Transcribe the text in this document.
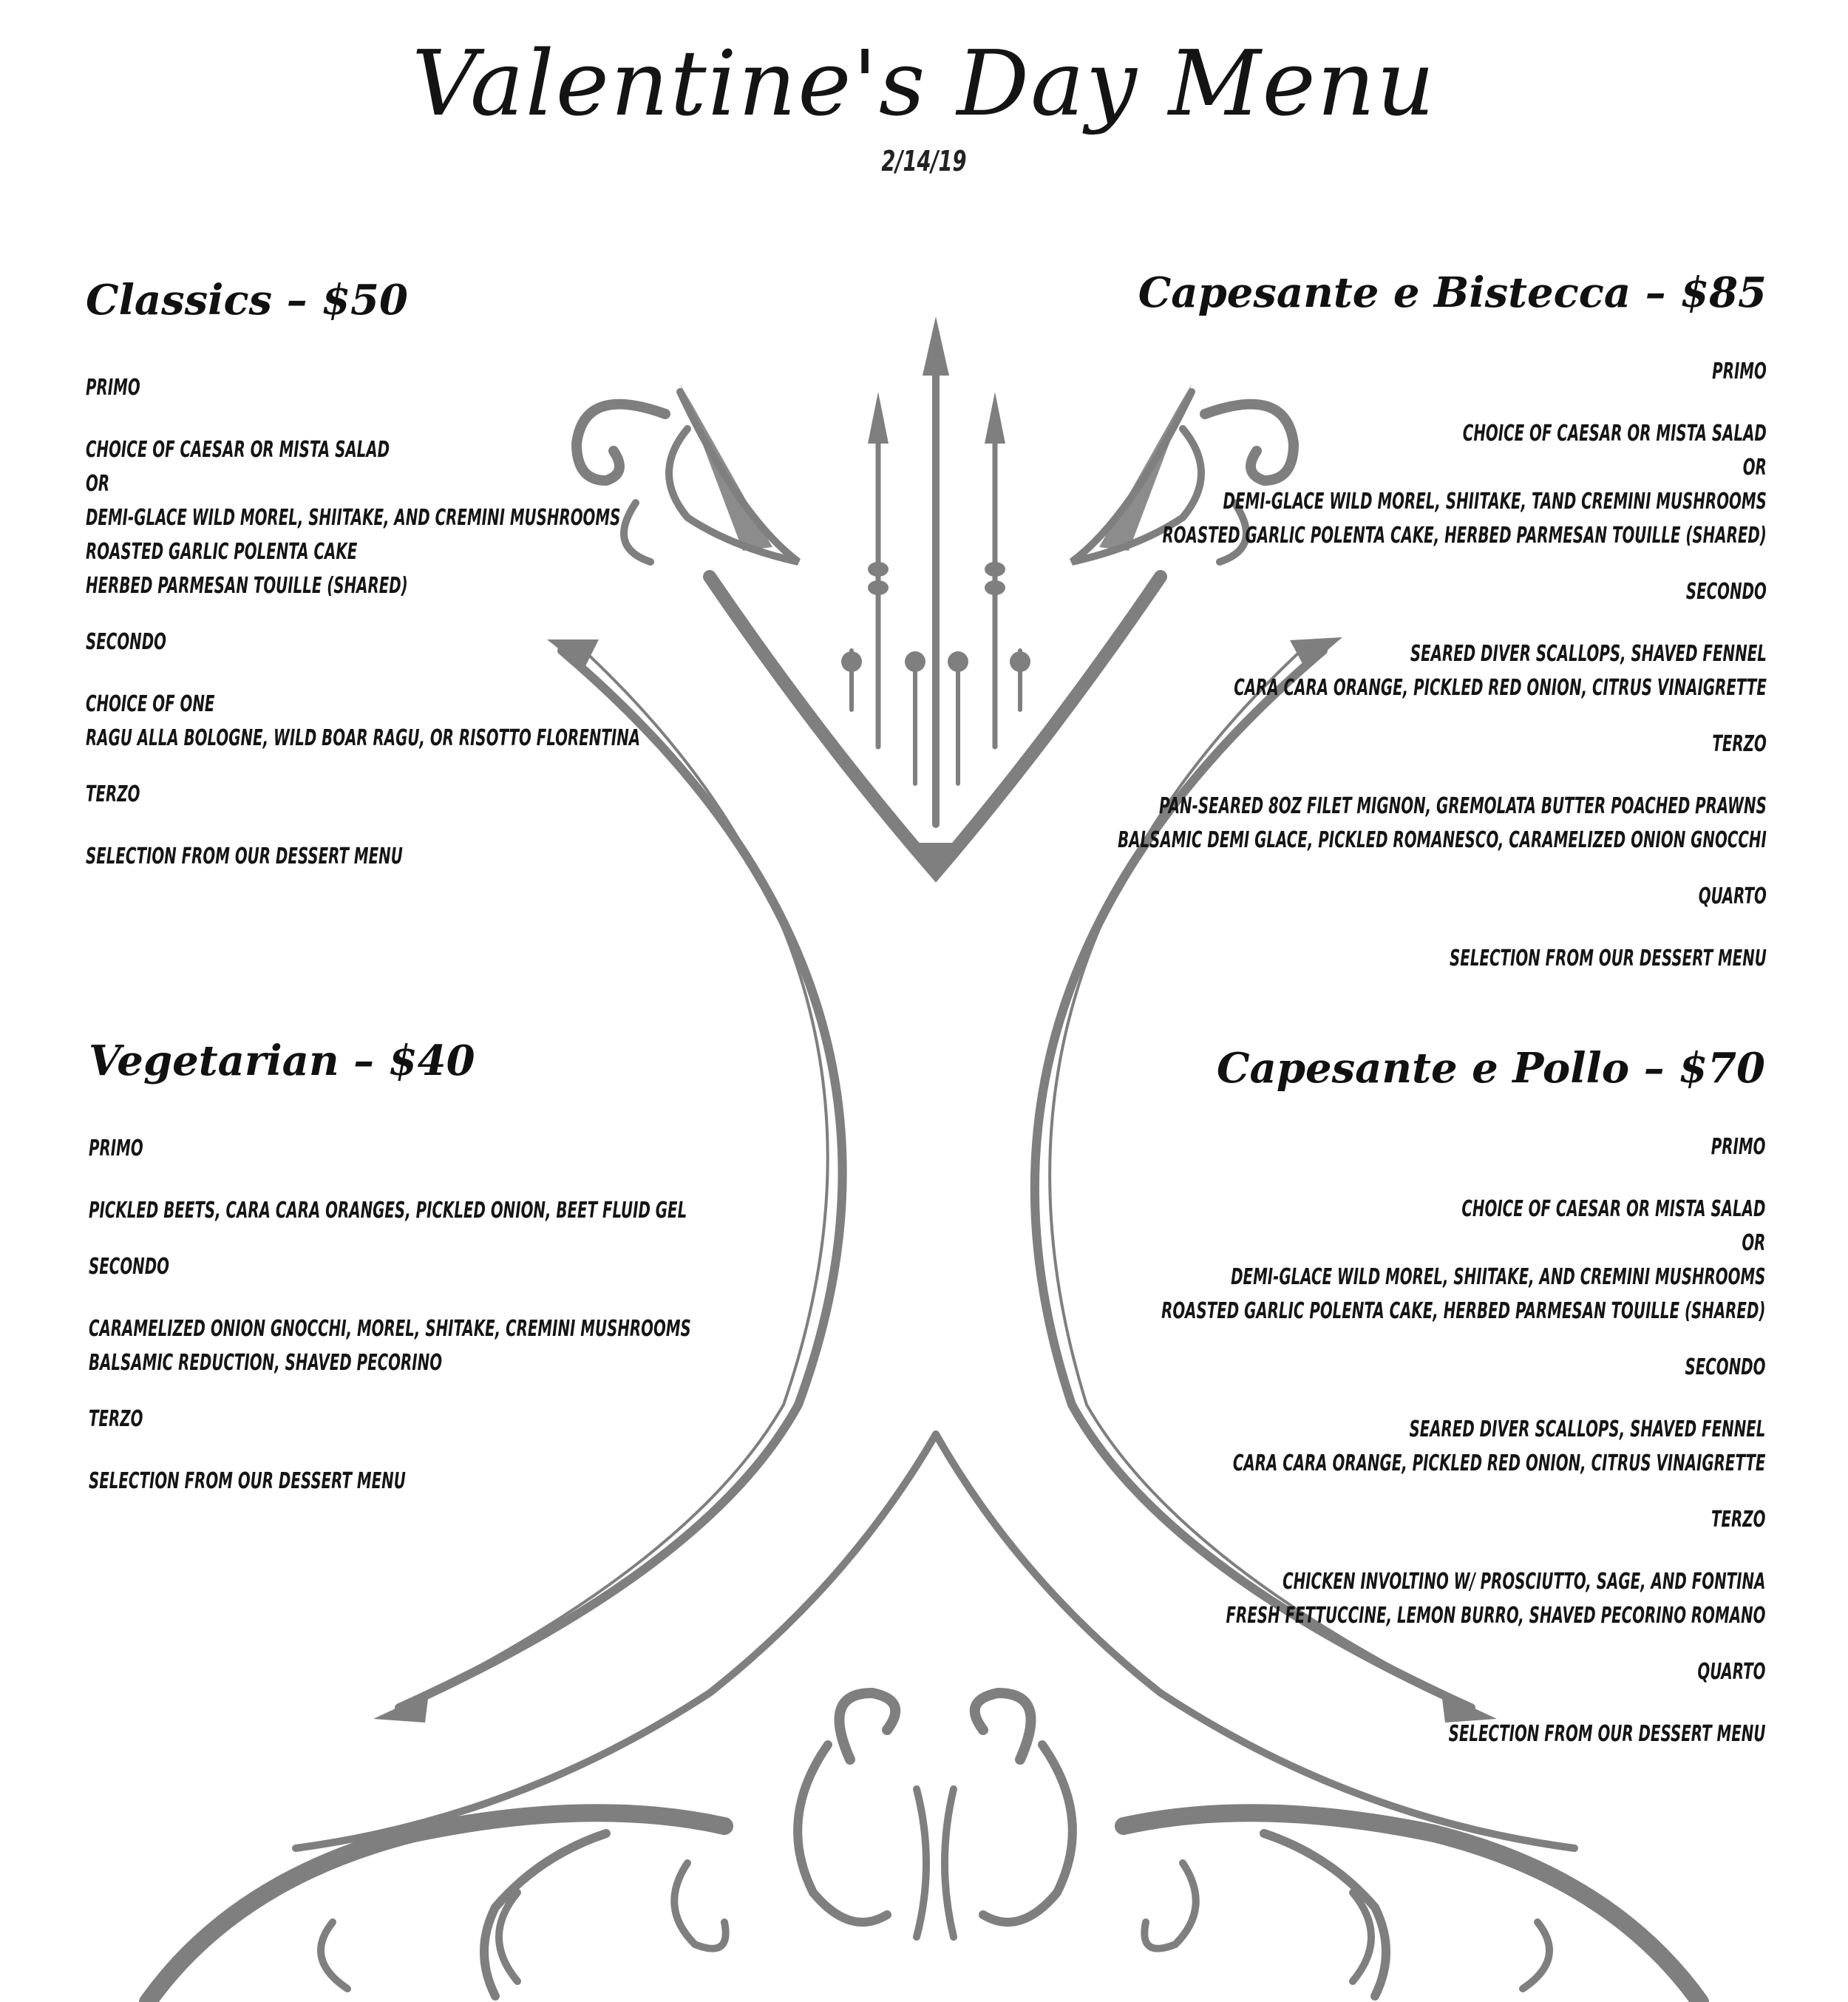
Valentine's Day Menu
2/14/19
Classics – $50
PRIMO
CHOICE OF CAESAR OR MISTA SALAD
OR
DEMI-GLACE WILD MOREL, SHIITAKE, AND CREMINI MUSHROOMS
ROASTED GARLIC POLENTA CAKE
HERBED PARMESAN TOUILLE (SHARED)
SECONDO
CHOICE OF ONE
RAGU ALLA BOLOGNE, WILD BOAR RAGU, OR RISOTTO FLORENTINA
TERZO
SELECTION FROM OUR DESSERT MENU
Capesante e Bistecca – $85
PRIMO
CHOICE OF CAESAR OR MISTA SALAD
OR
DEMI-GLACE WILD MOREL, SHIITAKE, TAND CREMINI MUSHROOMS
ROASTED GARLIC POLENTA CAKE, HERBED PARMESAN TOUILLE (SHARED)
SECONDO
SEARED DIVER SCALLOPS, SHAVED FENNEL
CARA CARA ORANGE, PICKLED RED ONION, CITRUS VINAIGRETTE
TERZO
PAN-SEARED 8OZ FILET MIGNON, GREMOLATA BUTTER POACHED PRAWNS
BALSAMIC DEMI GLACE, PICKLED ROMANESCO, CARAMELIZED ONION GNOCCHI
QUARTO
SELECTION FROM OUR DESSERT MENU
Vegetarian – $40
PRIMO
PICKLED BEETS, CARA CARA ORANGES, PICKLED ONION, BEET FLUID GEL
SECONDO
CARAMELIZED ONION GNOCCHI, MOREL, SHITAKE, CREMINI MUSHROOMS
BALSAMIC REDUCTION, SHAVED PECORINO
TERZO
SELECTION FROM OUR DESSERT MENU
Capesante e Pollo – $70
PRIMO
CHOICE OF CAESAR OR MISTA SALAD
OR
DEMI-GLACE WILD MOREL, SHIITAKE, AND CREMINI MUSHROOMS
ROASTED GARLIC POLENTA CAKE, HERBED PARMESAN TOUILLE (SHARED)
SECONDO
SEARED DIVER SCALLOPS, SHAVED FENNEL
CARA CARA ORANGE, PICKLED RED ONION, CITRUS VINAIGRETTE
TERZO
CHICKEN INVOLTINO W/ PROSCIUTTO, SAGE, AND FONTINA
FRESH FETTUCCINE, LEMON BURRO, SHAVED PECORINO ROMANO
QUARTO
SELECTION FROM OUR DESSERT MENU
